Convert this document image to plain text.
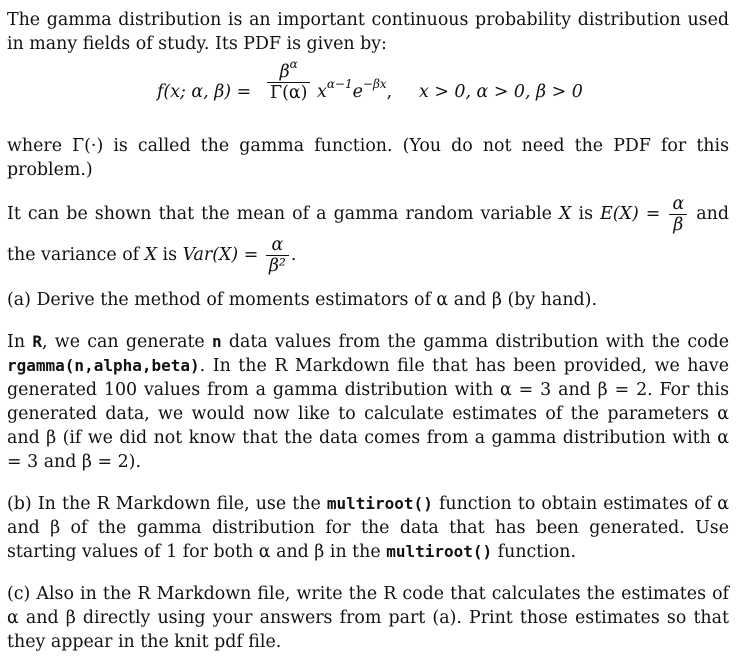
The gamma distribution is an important continuous probability distribution used in many fields of study. Its PDF is given by:

f(x; α, $\beta) = \frac{\beta^\alpha}{\Gamma(\alpha)} x^{\alpha-1}e^{-\beta x}$, x > 0, α > 0, β > 0

where Γ(·) is called the gamma function. (You do not need the PDF for this problem.)

It can be shown that the mean of a gamma random variable X is $E(X) = \frac{\alpha}{\beta}$ and the variance of X is $Var(X) = \frac{\alpha}{\text{β²}}$ .

(a) Derive the method of moments estimators of α and β (by hand).

In R, we can generate n data values from the gamma distribution with the code rgamma(n,alpha,beta). In the R Markdown file that has been provided, we have generated 100 values from a gamma distribution with α = 3 and β = 2. For this generated data, we would now like to calculate estimates of the parameters α and β (if we did not know that the data comes from a gamma distribution with α = 3 and β = 2).

(b) In the R Markdown file, use the multiroot() function to obtain estimates of α and β of the gamma distribution for the data that has been generated. Use starting values of 1 for both α and β in the multiroot() function.

(c) Also in the R Markdown file, write the R code that calculates the estimates of α and β directly using your answers from part (a). Print those estimates so that they appear in the knit pdf file.
